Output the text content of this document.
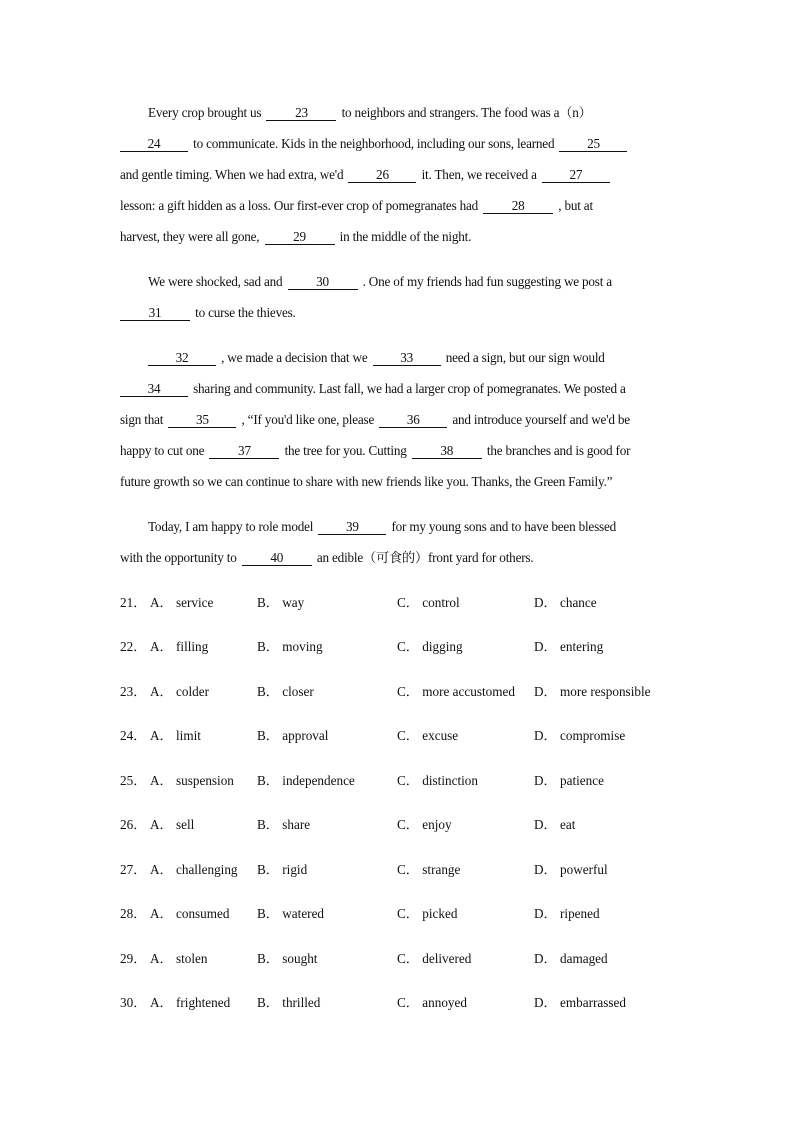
Every crop brought us	23	to neighbors and strangers. The food was a（n）
24 to communicate. Kids in the neighborhood, including our sons, learned 25
and gentle timing. When we had extra, we'd 26 it. Then, we received a 27
lesson: a gift hidden as a loss. Our first-ever crop of pomegranates had	28	, but at
harvest, they were all gone,	29	in the middle of the night.
We were shocked, sad and	30	. One of my friends had fun suggesting we post a
31	to curse the thieves.
32 , we made a decision that we 33 need a sign, but our sign would
34 sharing and community. Last fall, we had a larger crop of pomegranates. We posted a
sign that 35 , “If you'd like one, please 36 and introduce yourself and we'd be
happy to cut one	37	the tree for you. Cutting	38	the branches and is good for
future growth so we can continue to share with new friends like you. Thanks, the Green Family.”
Today, I am happy to role model 39 for my young sons and to have been blessed
with the opportunity to	40	an edible（可食的）front yard for others.
21． A． service	B． way	C． control	D． chance
22． A． filling	B． moving	C． digging	D． entering
23． A． colder	B． closer	C． more accustomed D． more responsible
24． A． limit	B． approval	C． excuse	D． compromise
25． A． suspension B． independence	C． distinction	D． patience
26． A． sell	B． share	C． enjoy	D． eat
27． A． challenging B． rigid	C． strange	D． powerful
28． A． consumed B． watered	C． picked	D． ripened
29． A． stolen	B． sought	C． delivered	D． damaged
30． A． frightened B． thrilled	C． annoyed	D． embarrassed
